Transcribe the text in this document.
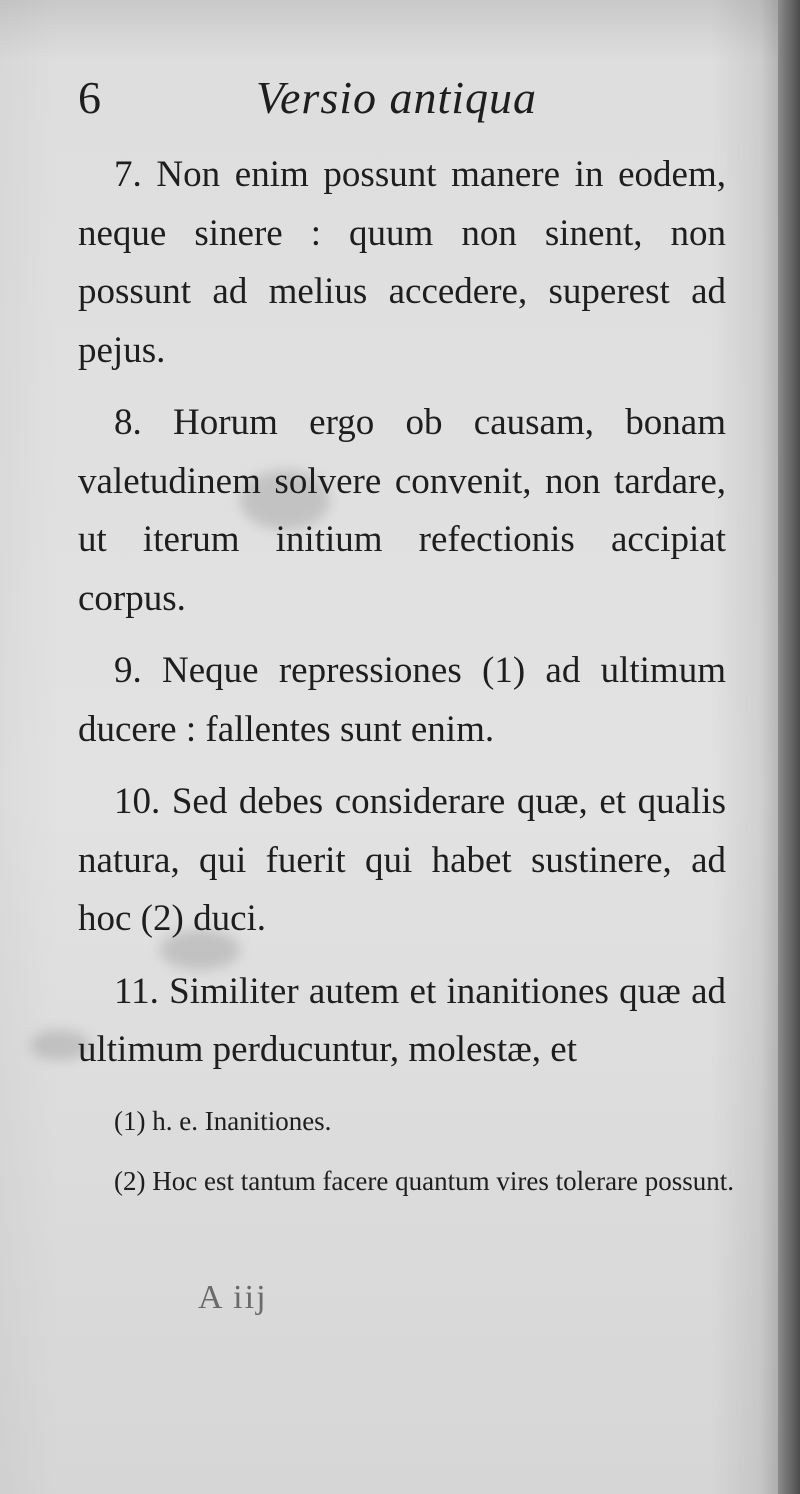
6	Versio antiqua

7. Non enim possunt manere in eodem, neque sinere : quum non sinent, non possunt ad melius accedere, superest ad pejus.

8. Horum ergo ob causam, bonam valetudinem solvere convenit, non tardare, ut iterum initium refectionis accipiat corpus.

9. Neque repressiones (1) ad ultimum ducere : fallentes sunt enim.

10. Sed debes considerare quæ, et qualis natura, qui fuerit qui habet sustinere, ad hoc (2) duci.

11. Similiter autem et inanitiones quæ ad ultimum perducuntur, molestæ, et

(1) h. e. Inanitiones.

(2) Hoc est tantum facere quantum vires tolerare possunt.

A iij
